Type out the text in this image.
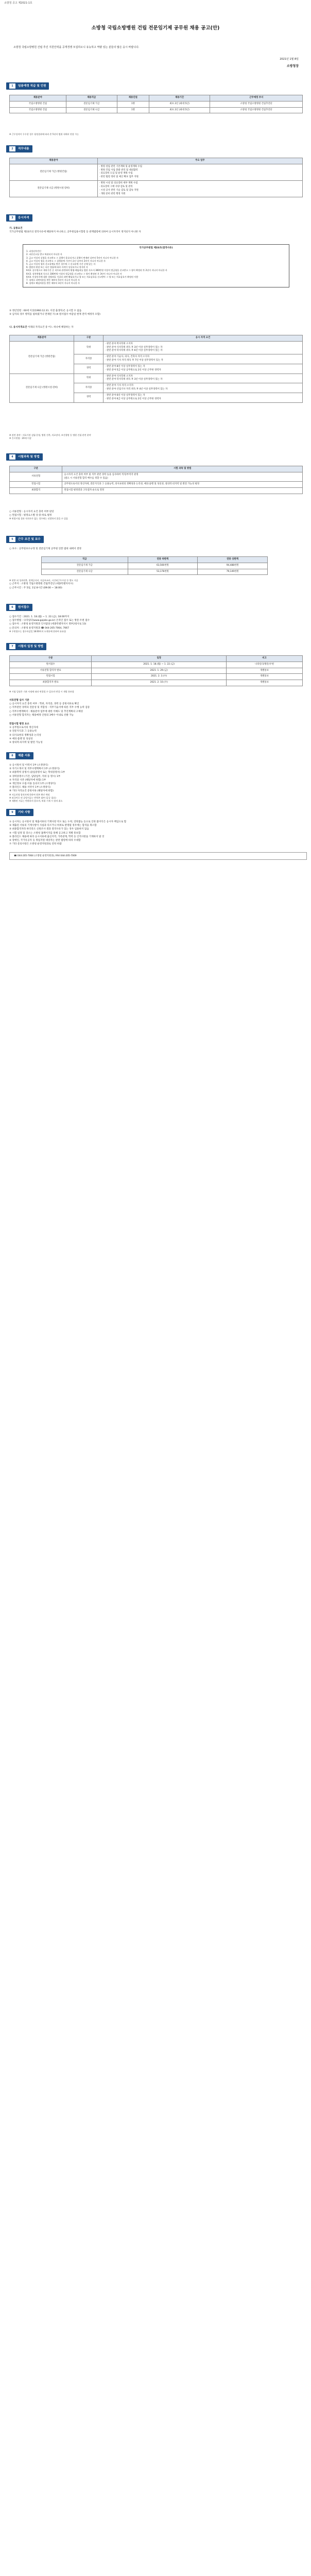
소방청 공고 제2021-1호
소방청 국립소방병원 건립 전문임기제 공무원 채용 공고(안)
소방청 국립소방병원 건립 추진 지원인력을 공개경쟁 모집하오니 유능하고 역량 있는 분들의 많은 응시 바랍니다.
2021년 1월 8일
소방청장
1 임용예정 직급 및 인원
채용분야	채용직급	채용인원	채용기간	근무예정 부서
국립소방병원 건립	전문임기제 가급	1명	최초 2년 (최대 5년)	소방청 국립소방병원 건립추진단
국립소방병원 건립	전문임기제 나급	1명	최초 2년 (최대 5년)	소방청 국립소방병원 건립추진단

※ 근무성적이 우수할 경우 평정결과에 따라 총 5년의 범위 내에서 연장 가능

2 직무내용
채용분야	주요 업무
전문임기제 가급 (병원건립)	· 병원 설립 관련 기본계획 및 운영계획 수립
· 병원 건립 사업 총괄 관리 및 대외협력
· 의료장비 도입 및 운영 계획 수립
· 관련 법령 정비 및 예산 확보 업무 지원
전문임기제 나급 (병원시설·장비)	· 병원 시설 및 의료장비 세부 계획 수립
· 의료장비 구매 사양 검토 및 관리
· 시설 공사 관련 기술 검토 및 감독 지원
· 개원 준비 관련 행정 지원
3 응시자격

가. 공통요건

국가공무원법 제33조의 결격사유에 해당하지 아니하고, 공무원임용시험령 등 관계법령에 의하여 응시자격이 정지되지 아니한 자

국가공무원법 제33조(결격사유)
1. 피성년후견인
2. 파산선고를 받고 복권되지 아니한 자
3. 금고 이상의 실형을 선고받고 그 집행이 종료되거나 집행이 면제된 날부터 5년이 지나지 아니한 자
4. 금고 이상의 형을 선고받고 그 집행유예 기간이 끝난 날부터 2년이 지나지 아니한 자
5. 금고 이상의 형의 선고유예를 받은 경우에 그 선고유예 기간 중에 있는 자
6. 법원의 판결 또는 다른 법률에 따라 자격이 상실되거나 정지된 자
6의2. 공무원으로 재직기간 중 직무와 관련하여 횡령·배임죄를 범한 자로서 300만원 이상의 벌금형을 선고받고 그 형이 확정된 후 2년이 지나지 아니한 자
6의3. 성폭력범죄 등으로 100만원 이상의 벌금형을 선고받고 그 형이 확정된 후 3년이 지나지 아니한 자
6의4. 미성년자에 대한 성범죄를 저질러 파면·해임되거나 형 또는 치료감호를 선고받아 그 형 또는 치료감호가 확정된 사람
7. 징계로 파면처분을 받은 때부터 5년이 지나지 아니한 자
8. 징계로 해임처분을 받은 때부터 3년이 지나지 아니한 자

② 정년연령 : 60세 이상(1960.12.31. 이전 출생자)은 응시할 수 없음

③ 남자의 경우 병역을 필하였거나 면제된 자 (※ 원서접수 마감일 현재 전역 예정자 포함)

나. 응시자격요건 아래의 자격요건 중 어느 하나에 해당하는 자

채용분야	구분	응시 자격 요건
전문임기제 가급 (병원건립)	학위	· 관련 분야 박사학위 소지자
· 관련 분야 석사학위 취득 후 3년 이상 실무경력이 있는 자
· 관련 분야 학사학위 취득 후 6년 이상 실무경력이 있는 자
	자격증	· 관련 분야 기술사, 의사, 건축사 자격 소지자
· 관련 분야 기사 자격 취득 후 7년 이상 실무경력이 있는 자
	경력	· 관련 분야 8년 이상 실무경력이 있는 자
· 관련 분야 5급 이상 공무원으로 2년 이상 근무한 경력자
전문임기제 나급 (병원시설·장비)	학위	· 관련 분야 석사학위 소지자
· 관련 분야 학사학위 취득 후 3년 이상 실무경력이 있는 자
	자격증	· 관련 분야 기사 자격 소지자
· 관련 분야 산업기사 자격 취득 후 4년 이상 실무경력이 있는 자
	경력	· 관련 분야 6년 이상 실무경력이 있는 자
· 관련 분야 6급 이상 공무원으로 2년 이상 근무한 경력자

※ 관련 분야 : 의료기관 설립·운영, 병원 건축, 의료장비, 보건행정 등 병원 건립 관련 분야

※ 응시연령 : 20세 이상

4 시험과목 및 방법
구분	시험 과목 및 방법
서류전형	응시자격 요건 충족 여부 및 직무 관련 경력 등을 심사하여 적격/부적격 판정
(필요 시 서류전형 합격 배수를 정할 수 있음)
면접시험	공무원으로서의 정신자세, 전문지식과 그 응용능력, 의사표현의 정확성과 논리성, 예의·품행 및 성실성, 창의력·의지력 및 발전 가능성 평정
최종합격	면접시험 평정결과 고득점자 순으로 결정

○ 서류전형 : 응시자격 요건 충족 여부 판단

○ 면접시험 : 평정요소별 상·중·하로 평정

※ 면접시험 결과 적격자가 없는 경우에는 선발하지 않을 수 있음

5 근무 조건 및 보수

○ 보수 : 공무원보수규정 및 전문임기제 공무원 연봉 범위 내에서 결정

직급	연봉 하한액	연봉 상한액
전문임기제 가급	63,560천원	94,488천원
전문임기제 나급	53,178천원	79,149천원

※ 연봉 외 성과연봉, 정액급식비, 직급보조비, 시간외근무수당 등 별도 지급

○ 근무지 : 소방청 국립소방병원 건립추진단 (세종특별자치시)

○ 근무시간 : 주 5일, 1일 8시간 (09:00 ~ 18:00)

6 원서접수

○ 접수기간 : 2021. 1. 18.(월) ~ 1. 22.(금), 18:00까지

○ 접수방법 : 나라일터(www.gojobs.go.kr) 온라인 접수 또는 방문·우편 접수

○ 접수처 : 소방청 운영지원과 인사담당 (세종특별자치시 정부2청사로 13)

○ 문의처 : 소방청 운영지원과 ☎ 044-205-7064, 7067

※ 우편접수는 접수마감일 18:00까지 도착분에 한하여 유효함

7 시험의 일정 및 방법
구분	일정	비고
원서접수	2021. 1. 18.(월) ~ 1. 22.(금)	나라일터/방문/우편
서류전형 합격자 발표	2021. 1. 29.(금)	개별통보
면접시험	2021. 2. 3.(수)	개별통보
최종합격자 발표	2021. 2. 10.(수)	개별통보

※ 시험 일정은 기관 사정에 따라 변경될 수 있으며 변경 시 개별 통보함

서류전형 심사 기준

○ 응시자격 요건 충족 여부 : 학위, 자격증, 경력 등 증빙서류로 확인

○ 직무관련 경력의 전문성 및 적합성 : 직무기술서에 따른 직무 수행 능력 검증

○ 직무수행계획서 : 채용분야 업무에 대한 이해도 및 추진계획의 구체성

○ 서류전형 합격자는 채용예정 인원의 3배수 이내로 선발 가능

면접시험 평정 요소

① 공무원으로서의 정신자세

② 전문지식과 그 응용능력

③ 의사표현의 정확성과 논리성

④ 예의·품행 및 성실성

⑤ 창의력·의지력 및 발전 가능성

8 제출 서류

① 응시원서 및 이력서 1부 (소정양식)

② 자기소개서 및 직무수행계획서 1부 (소정양식)

③ 최종학력 증명서 (졸업증명서 또는 학위증명서) 1부

④ 경력증명서 (기간, 담당업무, 직위 등 명시) 1부

⑤ 자격증 사본 (해당자에 한함) 1부

⑥ 개인정보 수집·이용 동의서 1부 (소정양식)

⑦ 블라인드 채용 서약서 1부 (소정양식)

⑧ 기타 자격요건 증빙서류 (해당자에 한함)

※ 서류전형 합격자에 한하여 원본 확인 예정

※ 외국어로 된 증빙서류는 번역본 첨부 (공증 필요)

※ 제출된 서류는 반환하지 않으며, 허위 기재 시 합격 취소

9 기타 사항

① 응시자는 응시원서 및 제출서류의 기재사항 착오 또는 누락, 연락불능 등으로 인한 불이익은 응시자 책임으로 함

② 제출된 서류의 기재사항이 사실과 다르거나 허위로 판명될 경우에는 합격을 취소함

③ 최종합격자라 하더라도 신원조사 결과 결격사유가 있는 경우 임용하지 않음

④ 시험 일정 및 장소는 소방청 홈페이지를 통해 공고하고 개별 통보함

⑤ 블라인드 채용에 따라 응시서류에 출신지역, 가족관계, 학력 등 인적사항을 기재하지 말 것

⑥ 장애인, 국가유공자 등 취업지원 대상자는 관련 법령에 따라 우대함

⑦ 기타 문의사항은 소방청 운영지원과로 연락 바람

☎ 044-205-7064 (소방청 운영지원과), FAX 044-205-7069
